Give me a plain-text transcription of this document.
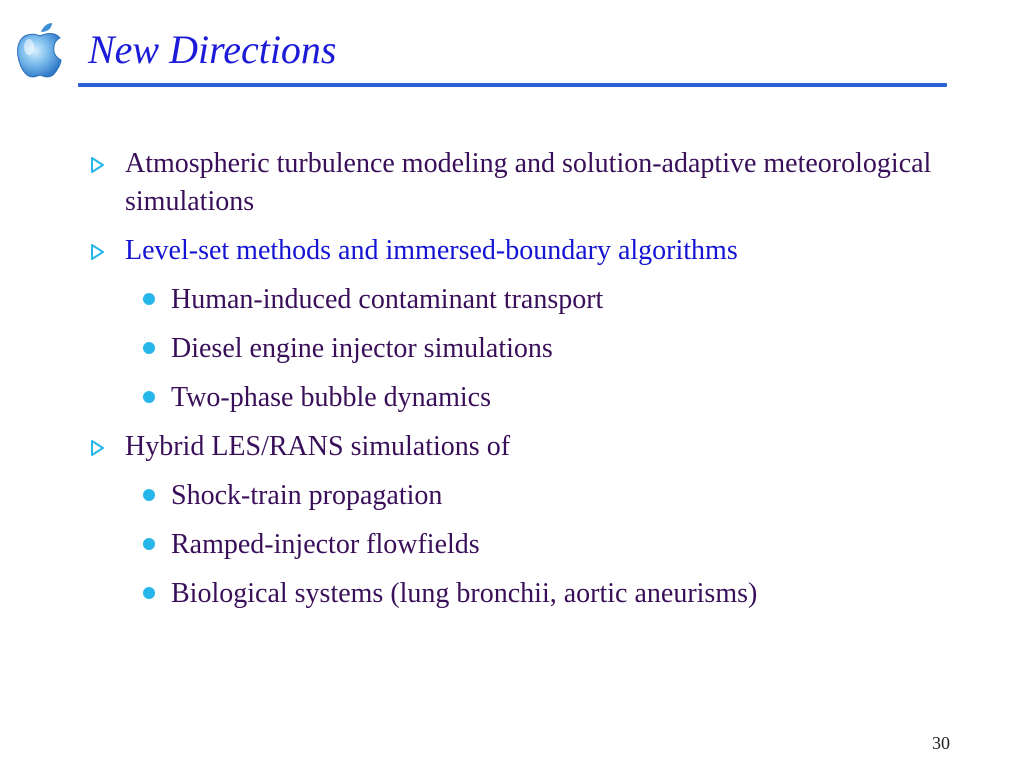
New Directions
Atmospheric turbulence modeling and solution-adaptive meteorological simulations
Level-set methods and immersed-boundary algorithms
Human-induced contaminant transport
Diesel engine injector simulations
Two-phase bubble dynamics
Hybrid LES/RANS simulations of
Shock-train propagation
Ramped-injector flowfields
Biological systems (lung bronchii, aortic aneurisms)
30
